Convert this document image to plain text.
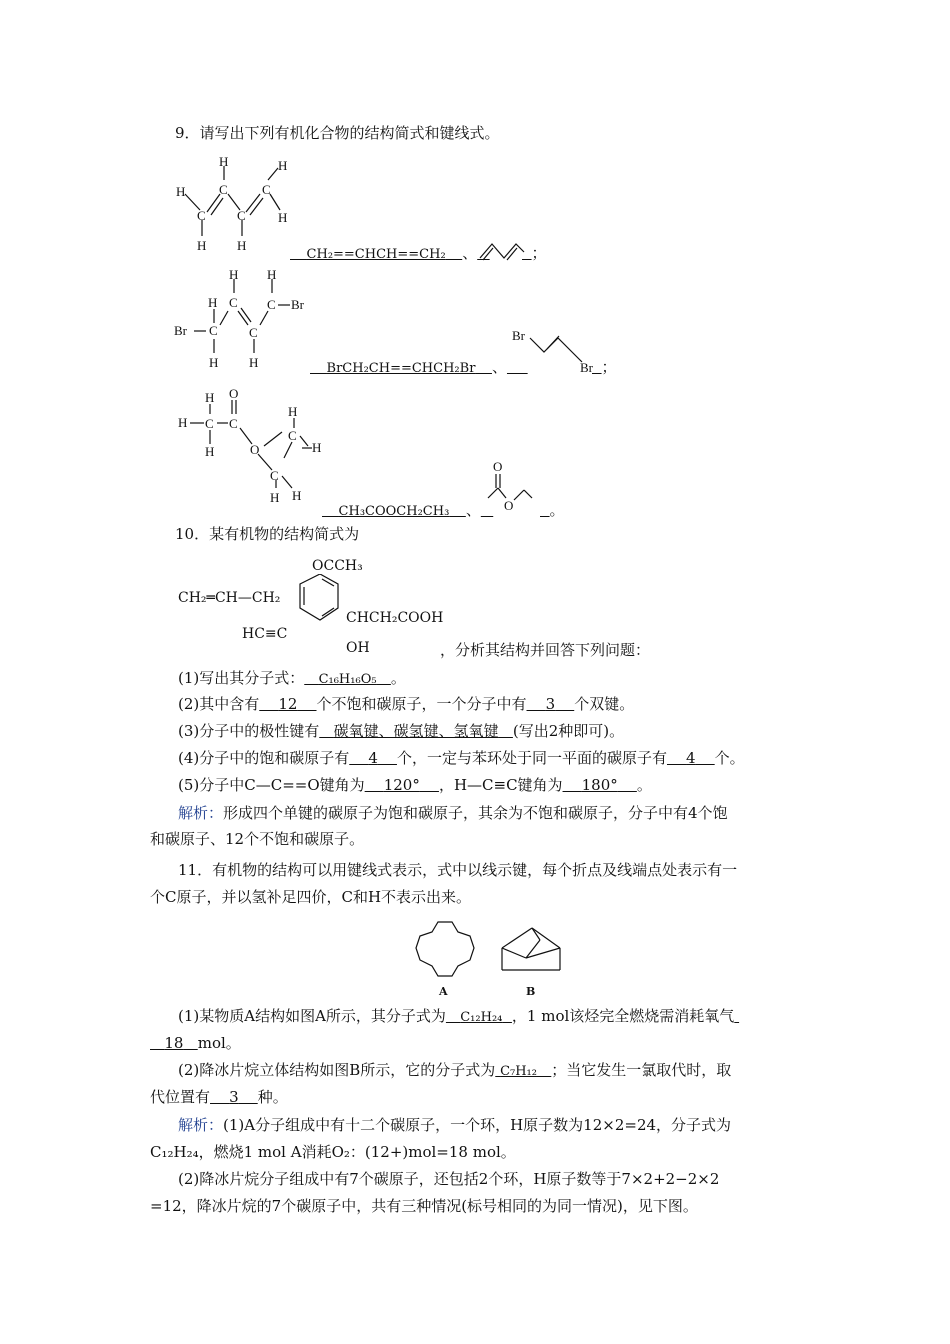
9．请写出下列有机化合物的结构简式和键线式。
H
C
H
H
C
C
H
C
H
H
CH₂==CHCH==CH₂ 、	；
Br
H
C
H
H
C
C
H
H
C Br
BrCH₂CH==CHCH₂Br 、
Br
Br ；
H
H
C
H
O
C
O
H
C
H
C
H H
CH₃COOCH₂CH₃ 、
O
O	。
10．某有机物的结构简式为
OCCH₃
CH₂═CH—CH₂
HC≡C
CHCH₂COOH
OH	，分析其结构并回答下列问题：
(1)写出其分子式： C₁₆H₁₆O₅ 。
(2)其中含有 12 个不饱和碳原子，一个分子中有 3 个双键。
(3)分子中的极性键有 碳氧键、碳氢键、氢氧键 (写出2种即可)。
(4)分子中的饱和碳原子有 4 个，一定与苯环处于同一平面的碳原子有 4 个。
(5)分子中C—C==O键角为 120° ，H—C≡C键角为 180° 。
解析：形成四个单键的碳原子为饱和碳原子，其余为不饱和碳原子，分子中有4个饱
和碳原子、12个不饱和碳原子。
11．有机物的结构可以用键线式表示，式中以线示键，每个折点及线端点处表示有一
个C原子，并以氢补足四价，C和H不表示出来。
A	B
(1)某物质A结构如图A所示，其分子式为 C₁₂H₂₄ ，1 mol该烃完全燃烧需消耗氧气
18 mol。
(2)降冰片烷立体结构如图B所示，它的分子式为 C₇H₁₂ ；当它发生一氯取代时，取
代位置有 3 种。
解析：(1)A分子组成中有十二个碳原子，一个环，H原子数为12×2=24，分子式为
C₁₂H₂₄，燃烧1 mol A消耗O₂：(12+)mol=18 mol。
(2)降冰片烷分子组成中有7个碳原子，还包括2个环，H原子数等于7×2+2−2×2
=12，降冰片烷的7个碳原子中，共有三种情况(标号相同的为同一情况)，见下图。
